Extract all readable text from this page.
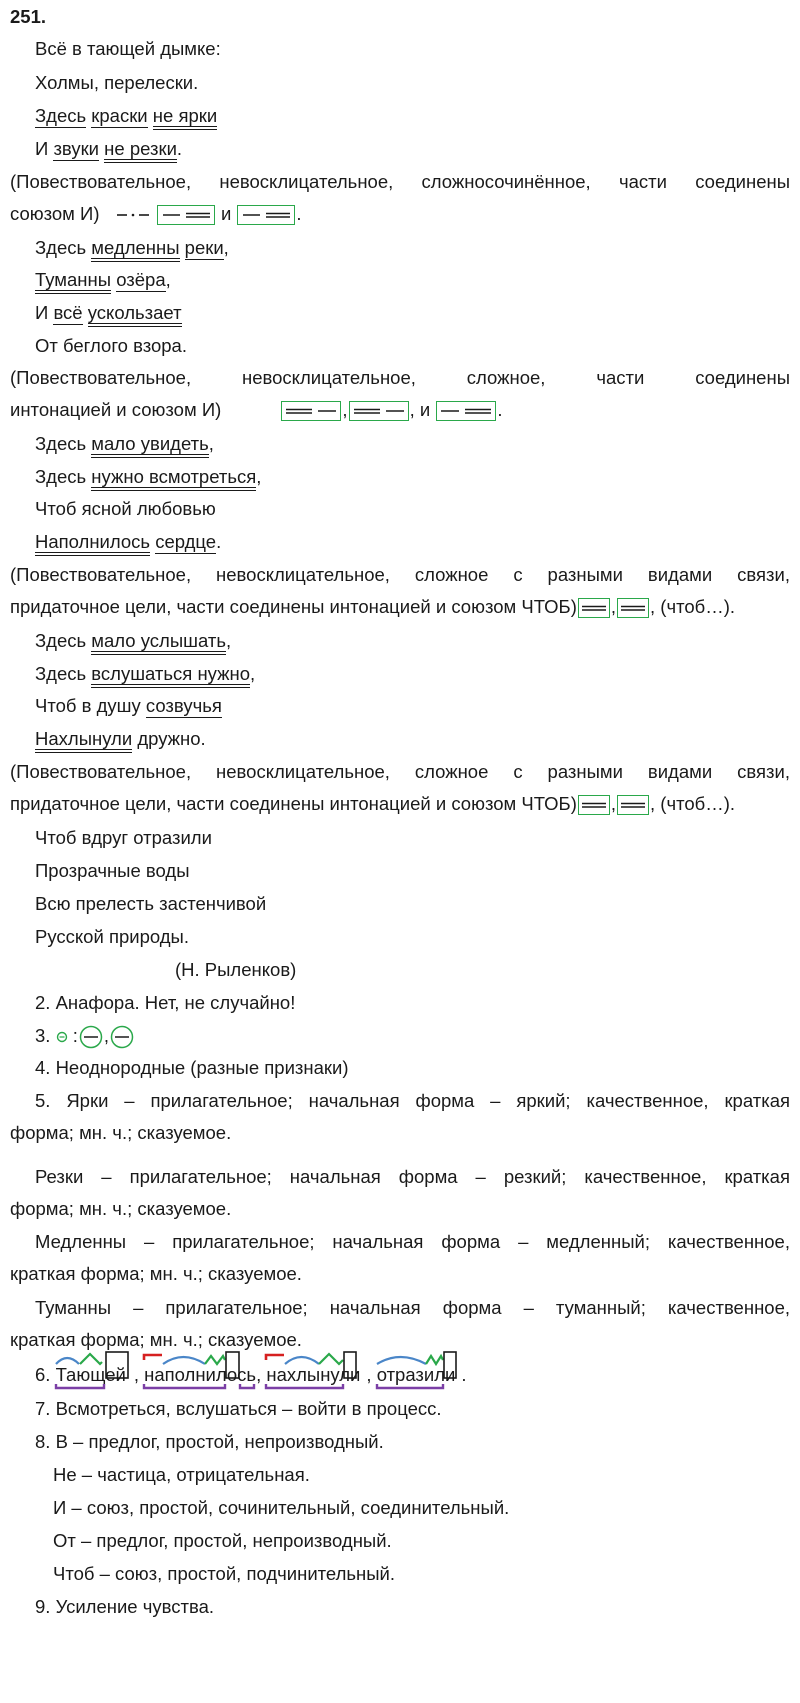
251.
Всё в тающей дымке:
Холмы, перелески.
Здесь краски не ярки
И звуки не резки.
(Повествовательное, невосклицательное, сложносочинённое, части соединены
союзом И)	и	.
Здесь медленны реки,
Туманны озёра,
И всё ускользает
От беглого взора.
(Повествовательное, невосклицательное, сложное, части соединены
интонацией и союзом И)	,	, и	.
Здесь мало увидеть,
Здесь нужно всмотреться,
Чтоб ясной любовью
Наполнилось сердце.
(Повествовательное, невосклицательное, сложное с разными видами связи,
придаточное цели, части соединены интонацией и союзом ЧТОБ) , , (чтоб…).
Здесь мало услышать,
Здесь вслушаться нужно,
Чтоб в душу созвучья
Нахлынули дружно.
(Повествовательное, невосклицательное, сложное с разными видами связи,
придаточное цели, части соединены интонацией и союзом ЧТОБ) , , (чтоб…).
Чтоб вдруг отразили
Прозрачные воды
Всю прелесть застенчивой
Русской природы.
(Н. Рыленков)
2. Анафора. Нет, не случайно!
3. : ,
4. Неоднородные (разные признаки)
5. Ярки – прилагательное; начальная форма – яркий; качественное, краткая
форма; мн. ч.; сказуемое.
Резки – прилагательное; начальная форма – резкий; качественное, краткая
форма; мн. ч.; сказуемое.
Медленны – прилагательное; начальная форма – медленный; качественное,
краткая форма; мн. ч.; сказуемое.
Туманны – прилагательное; начальная форма – туманный; качественное,
краткая форма; мн. ч.; сказуемое.
6. Тающей , наполнилось
, нахлынули , отразили .
7. Всмотреться, вслушаться – войти в процесс.
8. В – предлог, простой, непроизводный.
Не – частица, отрицательная.
И – союз, простой, сочинительный, соединительный.
От – предлог, простой, непроизводный.
Чтоб – союз, простой, подчинительный.
9. Усиление чувства.
